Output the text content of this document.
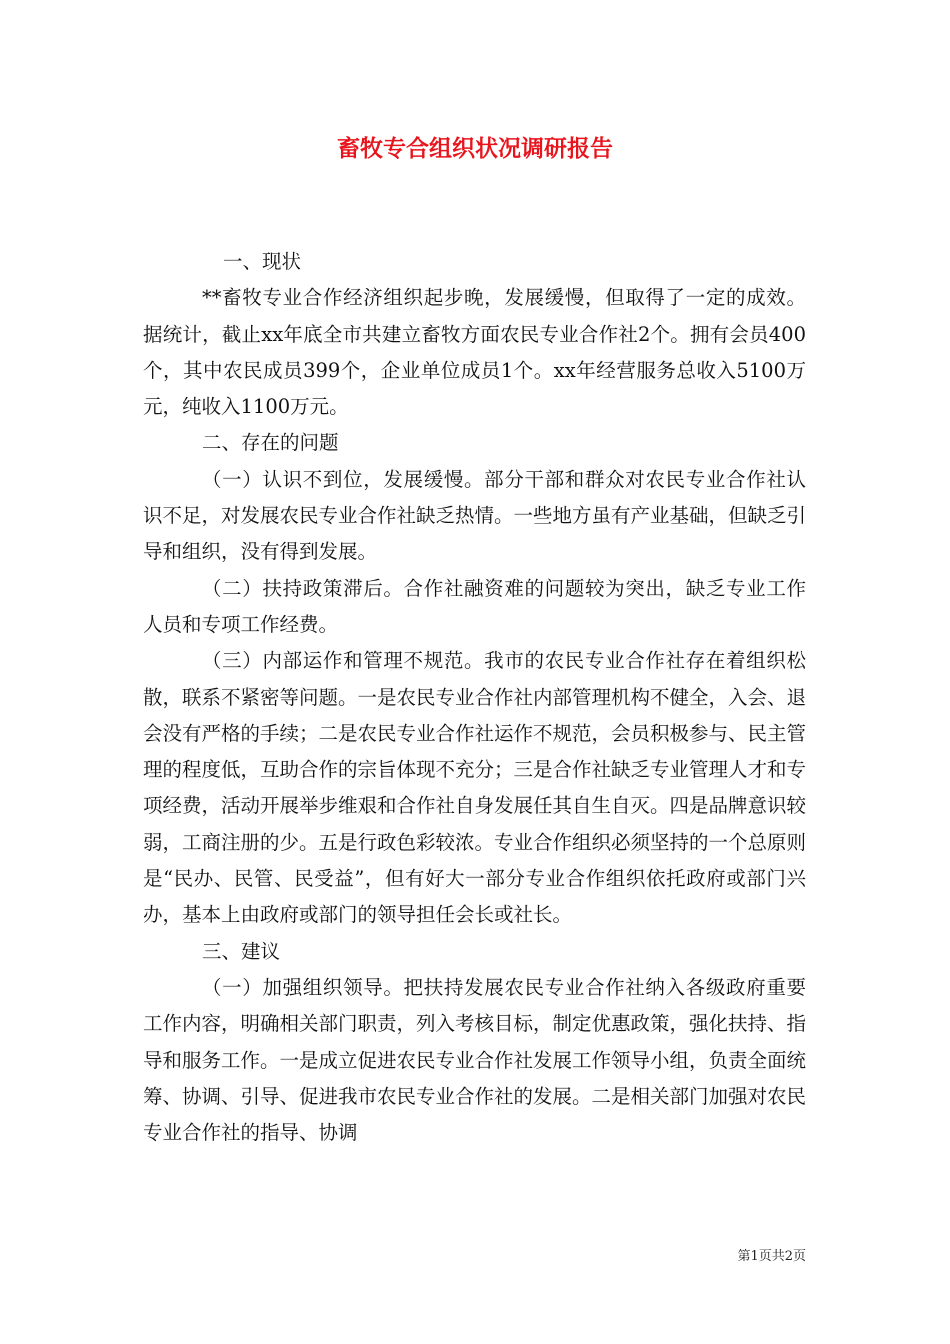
畜牧专合组织状况调研报告

一、现状

**畜牧专业合作经济组织起步晚，发展缓慢，但取得了一定的成效。据统计，截止xx年底全市共建立畜牧方面农民专业合作社2个。拥有会员400个，其中农民成员399个，企业单位成员1个。xx年经营服务总收入5100万元，纯收入1100万元。

二、存在的问题

（一）认识不到位，发展缓慢。部分干部和群众对农民专业合作社认识不足，对发展农民专业合作社缺乏热情。一些地方虽有产业基础，但缺乏引导和组织，没有得到发展。

（二）扶持政策滞后。合作社融资难的问题较为突出，缺乏专业工作人员和专项工作经费。

（三）内部运作和管理不规范。我市的农民专业合作社存在着组织松散，联系不紧密等问题。一是农民专业合作社内部管理机构不健全，入会、退会没有严格的手续；二是农民专业合作社运作不规范，会员积极参与、民主管理的程度低，互助合作的宗旨体现不充分；三是合作社缺乏专业管理人才和专项经费，活动开展举步维艰和合作社自身发展任其自生自灭。四是品牌意识较弱，工商注册的少。五是行政色彩较浓。专业合作组织必须坚持的一个总原则是“民办、民管、民受益”，但有好大一部分专业合作组织依托政府或部门兴办，基本上由政府或部门的领导担任会长或社长。

三、建议

（一）加强组织领导。把扶持发展农民专业合作社纳入各级政府重要工作内容，明确相关部门职责，列入考核目标，制定优惠政策，强化扶持、指导和服务工作。一是成立促进农民专业合作社发展工作领导小组，负责全面统筹、协调、引导、促进我市农民专业合作社的发展。二是相关部门加强对农民专业合作社的指导、协调

第1页共2页
